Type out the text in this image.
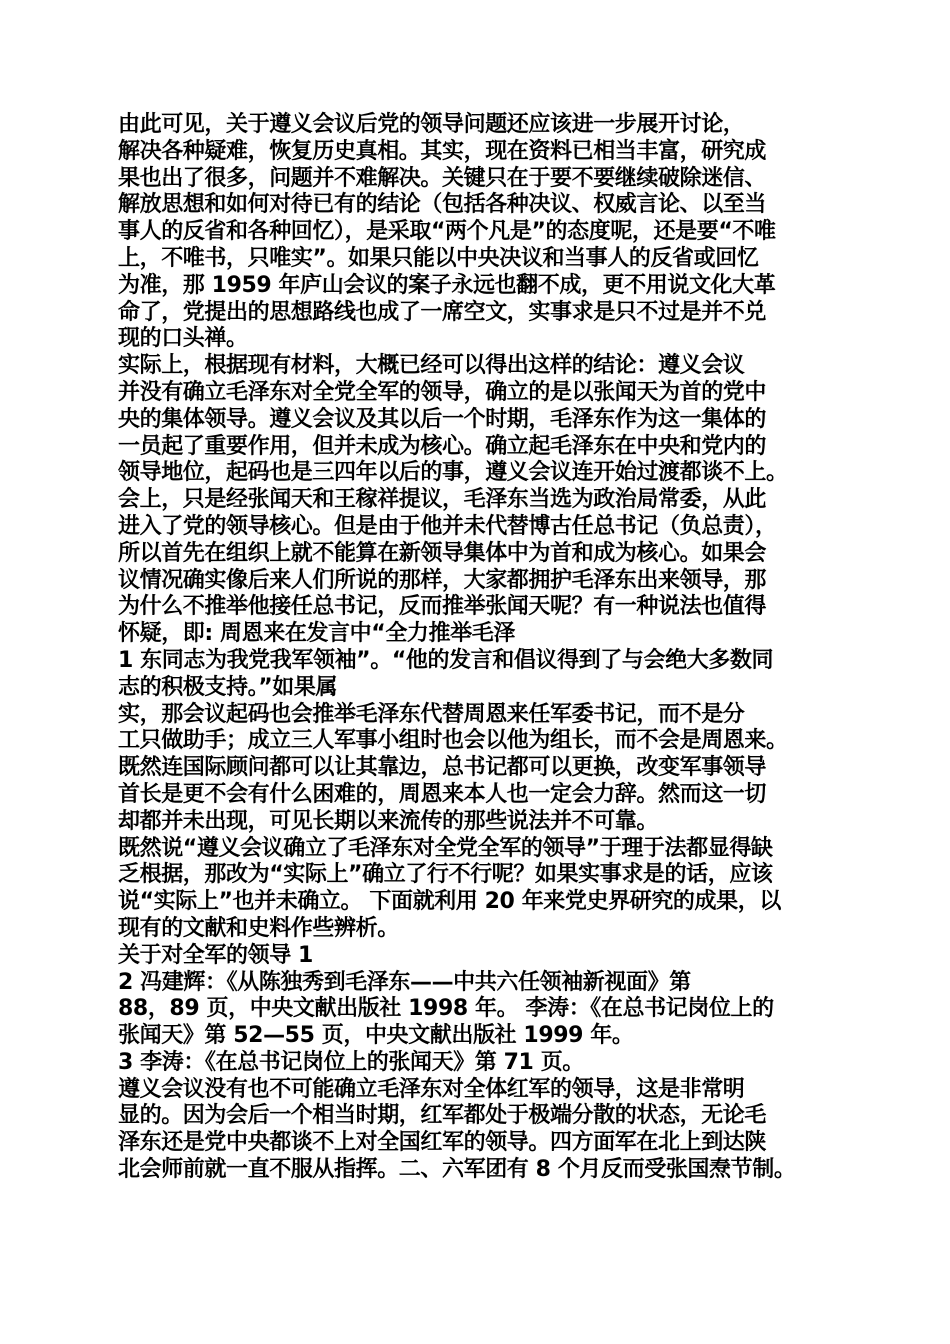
由此可见，关于遵义会议后党的领导问题还应该进一步展开讨论，
解决各种疑难，恢复历史真相。其实，现在资料已相当丰富，研究成
果也出了很多，问题并不难解决。关键只在于要不要继续破除迷信、
解放思想和如何对待已有的结论（包括各种决议、权威言论、以至当
事人的反省和各种回忆），是采取“两个凡是”的态度呢，还是要“不唯
上，不唯书，只唯实”。如果只能以中央决议和当事人的反省或回忆
为准，那 1959 年庐山会议的案子永远也翻不成，更不用说文化大革
命了，党提出的思想路线也成了一席空文，实事求是只不过是并不兑
现的口头禅。
实际上，根据现有材料，大概已经可以得出这样的结论：遵义会议
并没有确立毛泽东对全党全军的领导，确立的是以张闻天为首的党中
央的集体领导。遵义会议及其以后一个时期，毛泽东作为这一集体的
一员起了重要作用，但并未成为核心。确立起毛泽东在中央和党内的
领导地位，起码也是三四年以后的事，遵义会议连开始过渡都谈不上。
会上，只是经张闻天和王稼祥提议，毛泽东当选为政治局常委，从此
进入了党的领导核心。但是由于他并未代替博古任总书记（负总责），
所以首先在组织上就不能算在新领导集体中为首和成为核心。如果会
议情况确实像后来人们所说的那样，大家都拥护毛泽东出来领导，那
为什么不推举他接任总书记，反而推举张闻天呢？有一种说法也值得
怀疑，即: 周恩来在发言中“全力推举毛泽
1 东同志为我党我军领袖”。“他的发言和倡议得到了与会绝大多数同
志的积极支持。”如果属
实，那会议起码也会推举毛泽东代替周恩来任军委书记，而不是分
工只做助手；成立三人军事小组时也会以他为组长，而不会是周恩来。
既然连国际顾问都可以让其靠边，总书记都可以更换，改变军事领导
首长是更不会有什么困难的，周恩来本人也一定会力辞。然而这一切
却都并未出现，可见长期以来流传的那些说法并不可靠。
既然说“遵义会议确立了毛泽东对全党全军的领导”于理于法都显得缺
乏根据，那改为“实际上”确立了行不行呢？如果实事求是的话，应该
说“实际上”也并未确立。 下面就利用 20 年来党史界研究的成果，以
现有的文献和史料作些辨析。
关于对全军的领导 1
2 冯建辉：《从陈独秀到毛泽东——中共六任领袖新视面》第
88，89 页，中央文献出版社 1998 年。 李涛：《在总书记岗位上的
张闻天》第 52—55 页，中央文献出版社 1999 年。
3 李涛：《在总书记岗位上的张闻天》第 71 页。
遵义会议没有也不可能确立毛泽东对全体红军的领导，这是非常明
显的。因为会后一个相当时期，红军都处于极端分散的状态，无论毛
泽东还是党中央都谈不上对全国红军的领导。四方面军在北上到达陕
北会师前就一直不服从指挥。二、六军团有 8 个月反而受张国焘节制。
